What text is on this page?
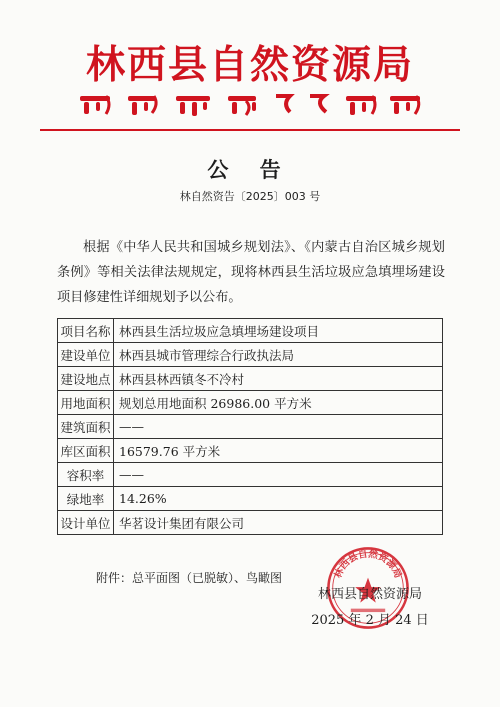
林西县自然资源局
公 告
林自然资告〔2025〕003 号

根据《中华人民共和国城乡规划法》、《内蒙古自治区城乡规划条例》等相关法律法规规定，现将林西县生活垃圾应急填埋场建设项目修建性详细规划予以公布。

项目名称	林西县生活垃圾应急填埋场建设项目
建设单位	林西县城市管理综合行政执法局
建设地点	林西县林西镇冬不冷村
用地面积	规划总用地面积 26986.00 平方米
建筑面积	——
库区面积	16579.76 平方米
容积率	——
绿地率	14.26%
设计单位	华茗设计集团有限公司
附件：总平面图（已脱敏）、鸟瞰图	林西县自然资源局
林西县自然资源局
2025 年 2 月 24 日
